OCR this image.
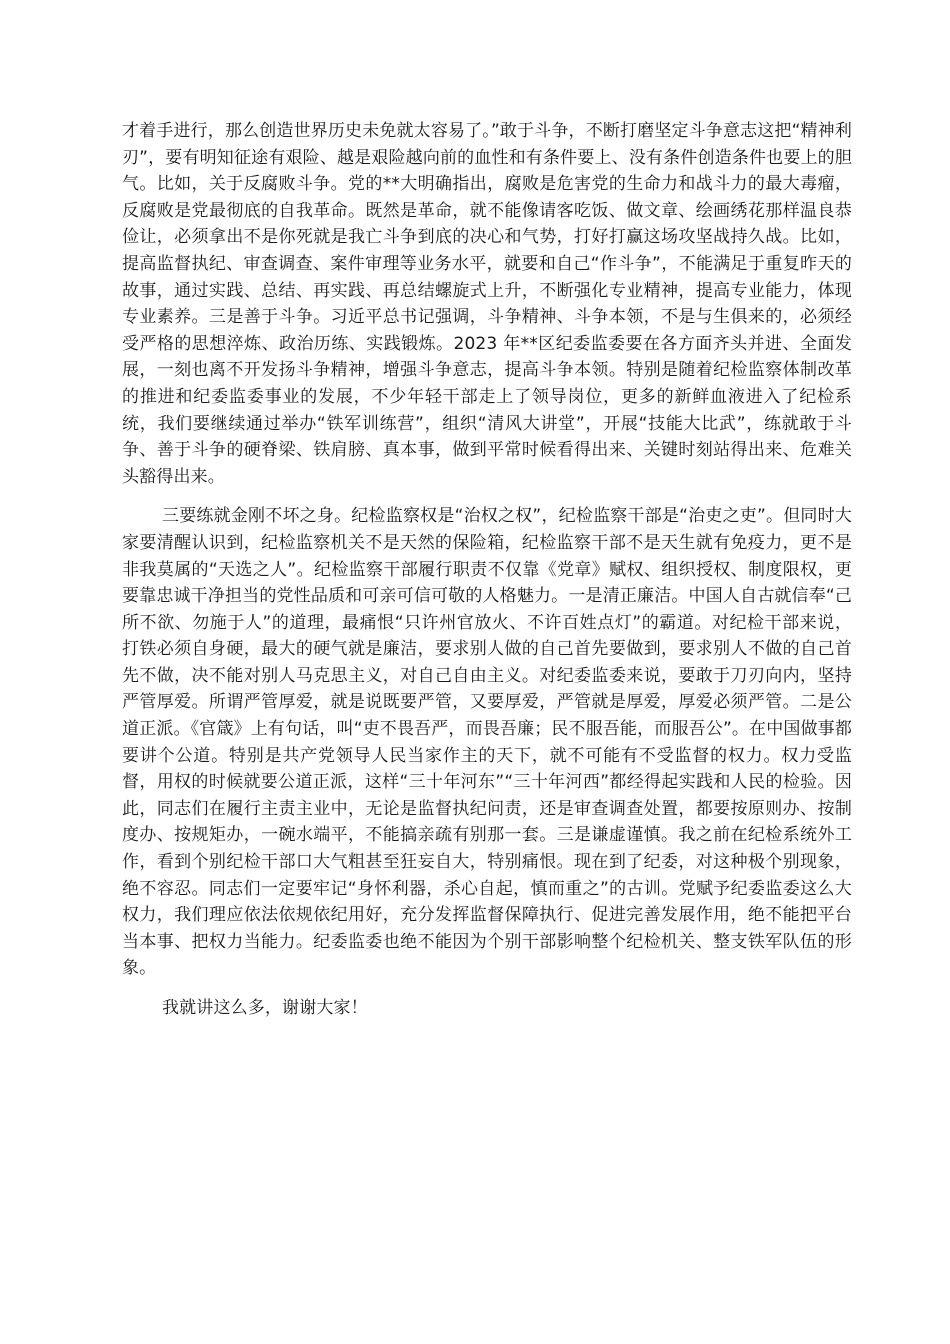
才着手进行，那么创造世界历史未免就太容易了。”敢于斗争，不断打磨坚定斗争意志这把“精神利刃”，要有明知征途有艰险、越是艰险越向前的血性和有条件要上、没有条件创造条件也要上的胆气。比如，关于反腐败斗争。党的**大明确指出，腐败是危害党的生命力和战斗力的最大毒瘤，反腐败是党最彻底的自我革命。既然是革命，就不能像请客吃饭、做文章、绘画绣花那样温良恭俭让，必须拿出不是你死就是我亡斗争到底的决心和气势，打好打赢这场攻坚战持久战。比如，提高监督执纪、审查调查、案件审理等业务水平，就要和自己“作斗争”，不能满足于重复昨天的故事，通过实践、总结、再实践、再总结螺旋式上升，不断强化专业精神，提高专业能力，体现专业素养。三是善于斗争。习近平总书记强调，斗争精神、斗争本领，不是与生俱来的，必须经受严格的思想淬炼、政治历练、实践锻炼。2023 年**区纪委监委要在各方面齐头并进、全面发展，一刻也离不开发扬斗争精神，增强斗争意志，提高斗争本领。特别是随着纪检监察体制改革的推进和纪委监委事业的发展，不少年轻干部走上了领导岗位，更多的新鲜血液进入了纪检系统，我们要继续通过举办“铁军训练营”，组织“清风大讲堂”，开展“技能大比武”，练就敢于斗争、善于斗争的硬脊梁、铁肩膀、真本事，做到平常时候看得出来、关键时刻站得出来、危难关头豁得出来。

三要练就金刚不坏之身。纪检监察权是“治权之权”，纪检监察干部是“治吏之吏”。但同时大家要清醒认识到，纪检监察机关不是天然的保险箱，纪检监察干部不是天生就有免疫力，更不是非我莫属的“天选之人”。纪检监察干部履行职责不仅靠《党章》赋权、组织授权、制度限权，更要靠忠诚干净担当的党性品质和可亲可信可敬的人格魅力。一是清正廉洁。中国人自古就信奉“己所不欲、勿施于人”的道理，最痛恨“只许州官放火、不许百姓点灯”的霸道。对纪检干部来说，打铁必须自身硬，最大的硬气就是廉洁，要求别人做的自己首先要做到，要求别人不做的自己首先不做，决不能对别人马克思主义，对自己自由主义。对纪委监委来说，要敢于刀刃向内，坚持严管厚爱。所谓严管厚爱，就是说既要严管，又要厚爱，严管就是厚爱，厚爱必须严管。二是公道正派。《官箴》上有句话，叫“吏不畏吾严，而畏吾廉；民不服吾能，而服吾公”。在中国做事都要讲个公道。特别是共产党领导人民当家作主的天下，就不可能有不受监督的权力。权力受监督，用权的时候就要公道正派，这样“三十年河东”“三十年河西”都经得起实践和人民的检验。因此，同志们在履行主责主业中，无论是监督执纪问责，还是审查调查处置，都要按原则办、按制度办、按规矩办，一碗水端平，不能搞亲疏有别那一套。三是谦虚谨慎。我之前在纪检系统外工作，看到个别纪检干部口大气粗甚至狂妄自大，特别痛恨。现在到了纪委，对这种极个别现象，绝不容忍。同志们一定要牢记“身怀利器，杀心自起，慎而重之”的古训。党赋予纪委监委这么大权力，我们理应依法依规依纪用好，充分发挥监督保障执行、促进完善发展作用，绝不能把平台当本事、把权力当能力。纪委监委也绝不能因为个别干部影响整个纪检机关、整支铁军队伍的形象。

我就讲这么多，谢谢大家！
